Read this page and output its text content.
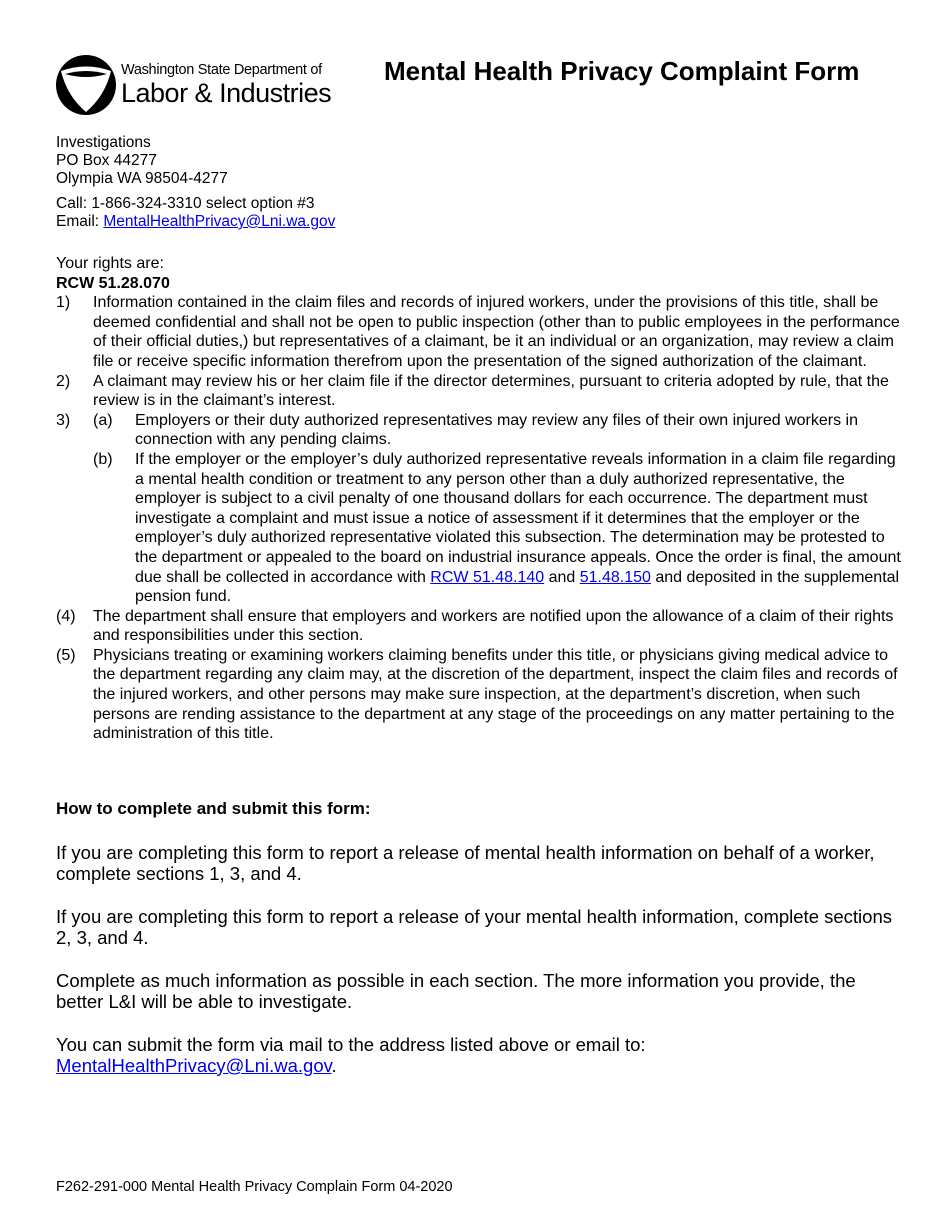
Washington State Department of
Labor & Industries
Mental Health Privacy Complaint Form
Investigations
PO Box 44277
Olympia WA 98504-4277
Call: 1-866-324-3310 select option #3
Email: MentalHealthPrivacy@Lni.wa.gov
Your rights are:
RCW 51.28.070
1)	Information contained in the claim files and records of injured workers, under the provisions of this title, shall be deemed confidential and shall not be open to public inspection (other than to public employees in the performance of their official duties,) but representatives of a claimant, be it an individual or an organization, may review a claim file or receive specific information therefrom upon the presentation of the signed authorization of the claimant.
2)	A claimant may review his or her claim file if the director determines, pursuant to criteria adopted by rule, that the review is in the claimant’s interest.
3)	(a)	Employers or their duty authorized representatives may review any files of their own injured workers in connection with any pending claims.
(b)	If the employer or the employer’s duly authorized representative reveals information in a claim file regarding a mental health condition or treatment to any person other than a duly authorized representative, the employer is subject to a civil penalty of one thousand dollars for each occurrence. The department must investigate a complaint and must issue a notice of assessment if it determines that the employer or the employer’s duly authorized representative violated this subsection. The determination may be protested to the department or appealed to the board on industrial insurance appeals. Once the order is final, the amount due shall be collected in accordance with RCW 51.48.140 and 51.48.150 and deposited in the supplemental pension fund.
(4)	The department shall ensure that employers and workers are notified upon the allowance of a claim of their rights and responsibilities under this section.
(5)	Physicians treating or examining workers claiming benefits under this title, or physicians giving medical advice to the department regarding any claim may, at the discretion of the department, inspect the claim files and records of the injured workers, and other persons may make sure inspection, at the department’s discretion, when such persons are rending assistance to the department at any stage of the proceedings on any matter pertaining to the administration of this title.
How to complete and submit this form:
If you are completing this form to report a release of mental health information on behalf of a worker, complete sections 1, 3, and 4.
If you are completing this form to report a release of your mental health information, complete sections 2, 3, and 4.
Complete as much information as possible in each section. The more information you provide, the better L&I will be able to investigate.
You can submit the form via mail to the address listed above or email to:
MentalHealthPrivacy@Lni.wa.gov.
F262-291-000 Mental Health Privacy Complain Form 04-2020
